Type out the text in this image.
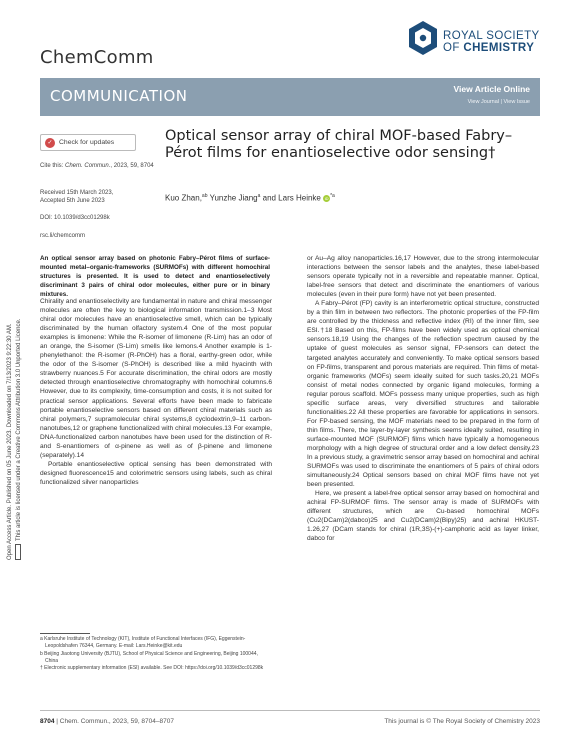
ROYAL SOCIETY
OF CHEMISTRY
ChemComm
COMMUNICATION	View Article Online
View Journal | View Issue
Open Access Article. Published on 05 June 2023. Downloaded on 7/13/2023 9:22:30 AM. This article is licensed under a Creative Commons Attribution 3.0 Unported Licence.
✓ Check for updates
Cite this: Chem. Commun., 2023, 59, 8704
Received 15th March 2023,
Accepted 5th June 2023
DOI: 10.1039/d3cc01298k
rsc.li/chemcomm
Optical sensor array of chiral MOF-based Fabry–Pérot films for enantioselective odor sensing†
Kuo Zhan,$^{ab}$ Yunzhe Jiang$^a$ and Lars Heinke iD $^{*a}$
An optical sensor array based on photonic Fabry–Pérot films of surface-mounted metal–organic-frameworks (SURMOFs) with different homochiral structures is presented. It is used to detect and enantioselectively discriminant 3 pairs of chiral odor molecules, either pure or in binary mixtures.

Chirality and enantioselectivity are fundamental in nature and chiral messenger molecules are often the key to biological information transmission.1–3 Most chiral odor molecules have an enantioselective smell, which can be typically discriminated by the human olfactory system.4 One of the most popular examples is limonene: While the R-isomer of limonene (R-Lim) has an odor of an orange, the S-isomer (S-Lim) smells like lemons.4 Another example is 1-phenylethanol: the R-isomer (R-PhOH) has a floral, earthy-green odor, while the odor of the S-isomer (S-PhOH) is described like a mild hyacinth with strawberry nuances.5 For accurate discrimination, the chiral odors are mostly detected through enantioselective chromatography with homochiral columns.6 However, due to its complexity, time-consumption and costs, it is not suited for practical sensor applications. Several efforts have been made to fabricate portable enantioselective sensors based on different chiral materials such as chiral polymers,7 supramolecular chiral systems,8 cyclodextrin,9–11 carbon-nanotubes,12 or graphene functionalized with chiral molecules.13 For example, DNA-functionalized carbon nanotubes have been used for the distinction of R- and S-enantiomers of α-pinene as well as of β-pinene and limonene (separately).14

Portable enantioselective optical sensing has been demonstrated with designed fluorescence15 and colorimetric sensors using labels, such as chiral functionalized silver nanoparticles

or Au–Ag alloy nanoparticles.16,17 However, due to the strong intermolecular interactions between the sensor labels and the analytes, these label-based sensors operate typically not in a reversible and repeatable manner. Optical, label-free sensors that detect and discriminate the enantiomers of various molecules (even in their pure form) have not yet been presented.

A Fabry–Pérot (FP) cavity is an interferometric optical structure, constructed by a thin film in between two reflectors. The photonic properties of the FP-film are controlled by the thickness and reflective index (RI) of the inner film, see ESI.†18 Based on this, FP-films have been widely used as optical chemical sensors.18,19 Using the changes of the reflection spectrum caused by the uptake of guest molecules as sensor signal, FP-sensors can detect the targeted analytes accurately and conveniently. To make optical sensors based on FP-films, transparent and porous materials are required. Thin films of metal-organic frameworks (MOFs) seem ideally suited for such tasks.20,21 MOFs consist of metal nodes connected by organic ligand molecules, forming a regular porous scaffold. MOFs possess many unique properties, such as high specific surface areas, very diversified structures and tailorable functionalities.22 All these properties are favorable for applications in sensors. For FP-based sensing, the MOF materials need to be prepared in the form of thin films. There, the layer-by-layer synthesis seems ideally suited, resulting in surface-mounted MOF (SURMOF) films which have typically a homogeneous morphology with a high degree of structural order and a low defect density.23 In a previous study, a gravimetric sensor array based on homochiral and achiral SURMOFs was used to discriminate the enantiomers of 5 pairs of chiral odors simultaneously.24 Optical sensors based on chiral MOF films have not yet been presented.

Here, we present a label-free optical sensor array based on homochiral and achiral FP-SURMOF films. The sensor array is made of SURMOFs with different structures, which are Cu-based homochiral MOFs (Cu2(DCam)2(dabco)25 and Cu2(DCam)2(Bipy)25) and achiral HKUST-1.26,27 (DCam stands for chiral (1R,3S)-(+)-camphoric acid as layer linker, dabco for

a Karlsruhe Institute of Technology (KIT), Institute of Functional Interfaces (IFG), Eggenstein-Leopoldshafen 76344, Germany. E-mail: Lars.Heinke@kit.edu

b Beijing Jiaotong University (BJTU), School of Physical Science and Engineering, Beijing 100044, China

† Electronic supplementary information (ESI) available. See DOI: https://doi.org/10.1039/d3cc01298k

8704 | Chem. Commun., 2023, 59, 8704–8707	This journal is © The Royal Society of Chemistry 2023
